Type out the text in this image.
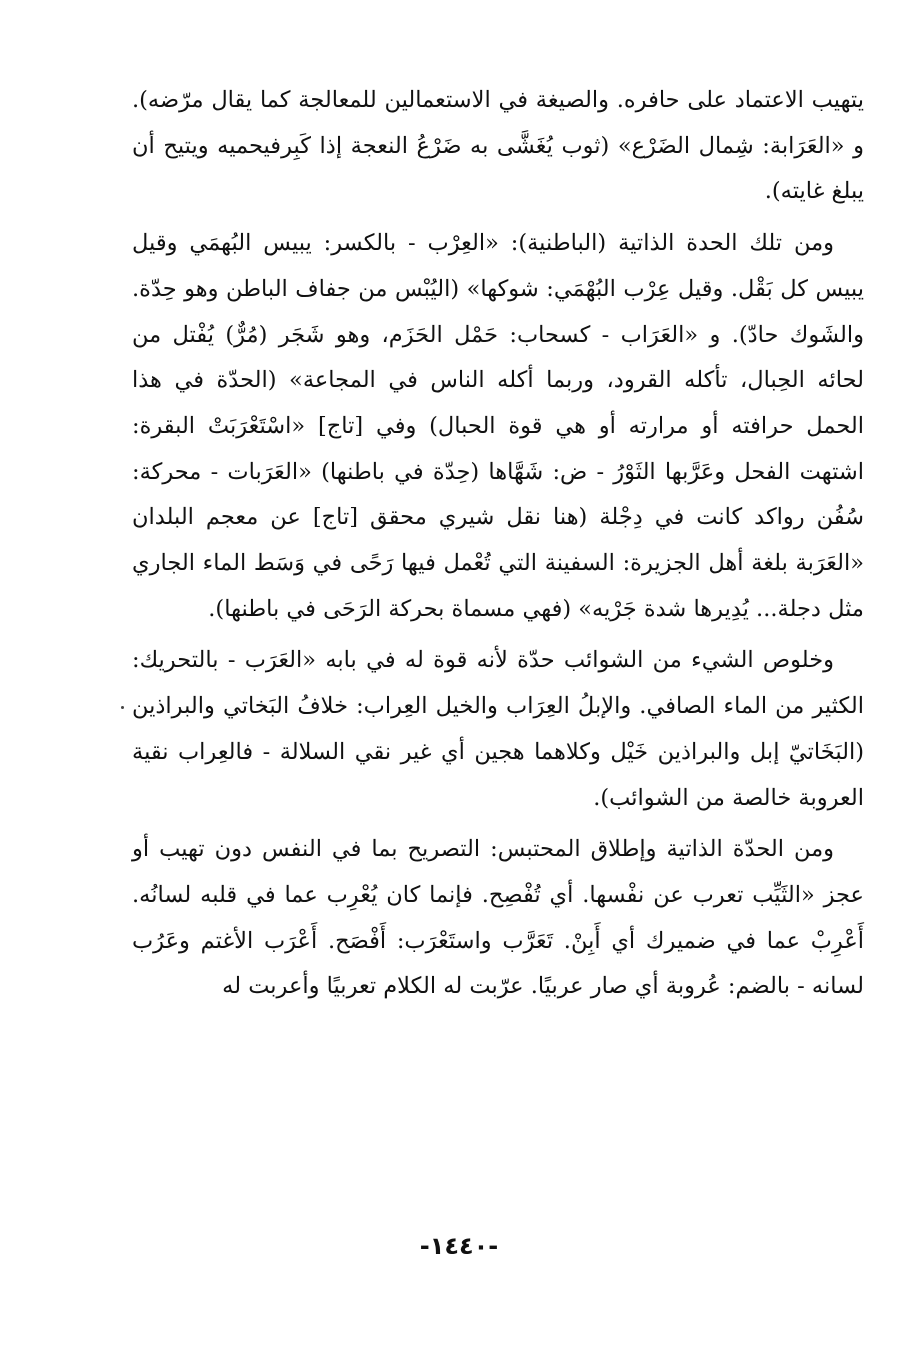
يتهيب الاعتماد على حافره. والصيغة في الاستعمالين للمعالجة كما يقال مرّضه). و «العَرَابة: شِمال الضَرْع» (ثوب يُغَشَّى به ضَرْعُ النعجة إذا كَبِرفيحميه ويتيح أن يبلغ غايته).

ومن تلك الحدة الذاتية (الباطنية): «العِرْب - بالكسر: يبيس البُهمَي وقيل يبيس كل بَقْل. وقيل عِرْب البُهْمَي: شوكها» (اليُبْس من جفاف الباطن وهو حِدّة. والشَوك حادّ). و «العَرَاب - كسحاب: حَمْل الحَزَم، وهو شَجَر (مُرٌّ) يُفْتل من لحائه الحِبال، تأكله القرود، وربما أكله الناس في المجاعة» (الحدّة في هذا الحمل حرافته أو مرارته أو هي قوة الحبال) وفي [تاج] «اسْتَعْرَبَتْ البقرة: اشتهت الفحل وعَرَّبها الثَوْرُ - ض: شَهَّاها (حِدّة في باطنها) «العَرَبات - محركة: سُفُن رواكد كانت في دِجْلة (هنا نقل شيري محقق [تاج] عن معجم البلدان «العَرَبة بلغة أهل الجزيرة: السفينة التي تُعْمل فيها رَحًى في وَسَط الماء الجاري مثل دجلة... يُدِيرها شدة جَرْيه» (فهي مسماة بحركة الرَحَى في باطنها).

وخلوص الشيء من الشوائب حدّة لأنه قوة له في بابه «العَرَب - بالتحريك: الكثير من الماء الصافي. والإبلُ العِرَاب والخيل العِراب: خلافُ البَخاتي والبراذين (البَخَاتيّ إبل والبراذين خَيْل وكلاهما هجين أي غير نقي السلالة - فالعِراب نقية العروبة خالصة من الشوائب).

ومن الحدّة الذاتية وإطلاق المحتبس: التصريح بما في النفس دون تهيب أو عجز «الثَيِّب تعرب عن نفْسها. أي تُفْصِح. فإنما كان يُعْرِب عما في قلبه لسانُه. أَعْرِبْ عما في ضميرك أي أَبِنْ. تَعَرَّب واستَعْرَب: أَفْصَح. أَعْرَب الأغتم وعَرُب لسانه - بالضم: عُروبة أي صار عربيًا. عرّبت له الكلام تعربيًا وأعربت له

-١٤٤٠-
